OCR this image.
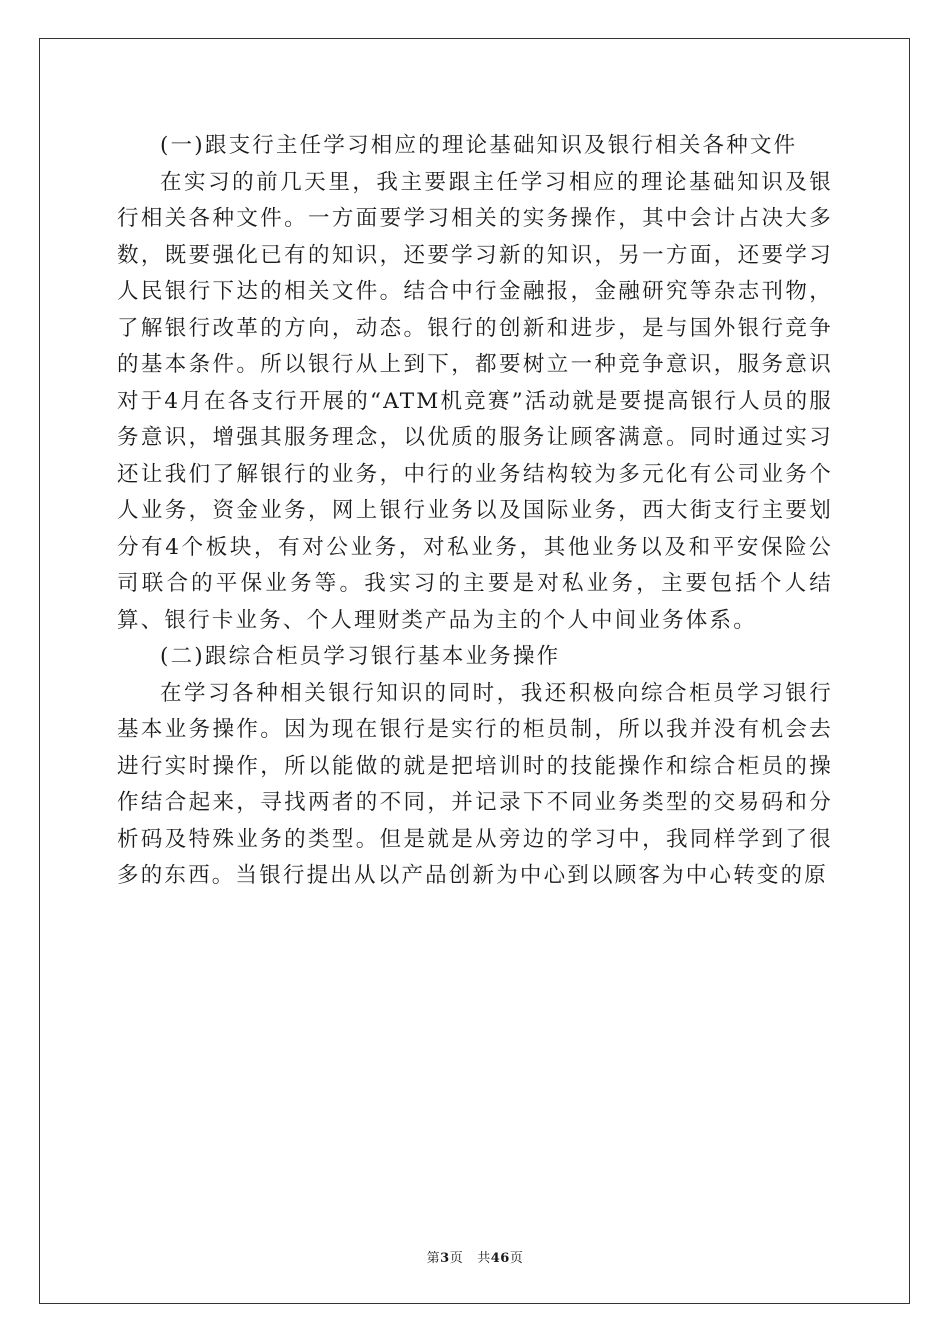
(一)跟支行主任学习相应的理论基础知识及银行相关各种文件

在实习的前几天里，我主要跟主任学习相应的理论基础知识及银行相关各种文件。一方面要学习相关的实务操作，其中会计占决大多数，既要强化已有的知识，还要学习新的知识，另一方面，还要学习人民银行下达的相关文件。结合中行金融报，金融研究等杂志刊物，了解银行改革的方向，动态。银行的创新和进步，是与国外银行竞争的基本条件。所以银行从上到下，都要树立一种竞争意识，服务意识对于4月在各支行开展的“ATM机竞赛”活动就是要提高银行人员的服务意识，增强其服务理念，以优质的服务让顾客满意。同时通过实习还让我们了解银行的业务，中行的业务结构较为多元化有公司业务个人业务，资金业务，网上银行业务以及国际业务，西大街支行主要划分有4个板块，有对公业务，对私业务，其他业务以及和平安保险公司联合的平保业务等。我实习的主要是对私业务，主要包括个人结算、银行卡业务、个人理财类产品为主的个人中间业务体系。

(二)跟综合柜员学习银行基本业务操作

在学习各种相关银行知识的同时，我还积极向综合柜员学习银行基本业务操作。因为现在银行是实行的柜员制，所以我并没有机会去进行实时操作，所以能做的就是把培训时的技能操作和综合柜员的操作结合起来，寻找两者的不同，并记录下不同业务类型的交易码和分析码及特殊业务的类型。但是就是从旁边的学习中，我同样学到了很多的东西。当银行提出从以产品创新为中心到以顾客为中心转变的原

第3页 共46页
